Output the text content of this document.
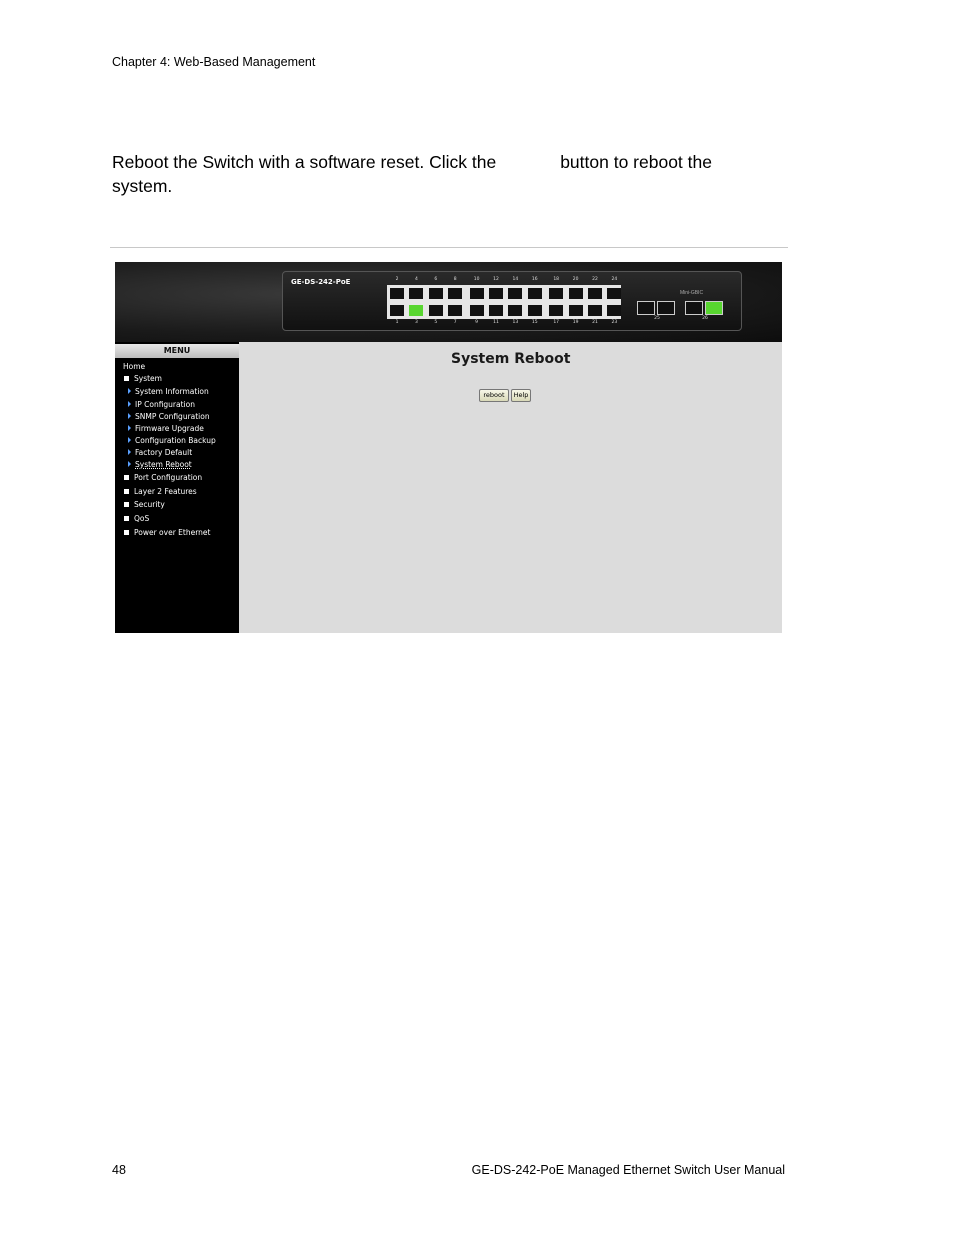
Chapter 4: Web-Based Management
Reboot the Switch with a software reset. Click the	button to reboot the system.
GE-DS-242-PoE
Mini-GBIC
25	26
2
1
4
3
6
5
8
7
10
9
12
11
14
13
16
15
18
17
20
19
22
21
24
23
MENU
Home
System
System Information
IP Configuration
SNMP Configuration
Firmware Upgrade
Configuration Backup
Factory Default
System Reboot
Port Configuration
Layer 2 Features
Security
QoS
Power over Ethernet
System Reboot
reboot	Help
48	GE-DS-242-PoE Managed Ethernet Switch User Manual
